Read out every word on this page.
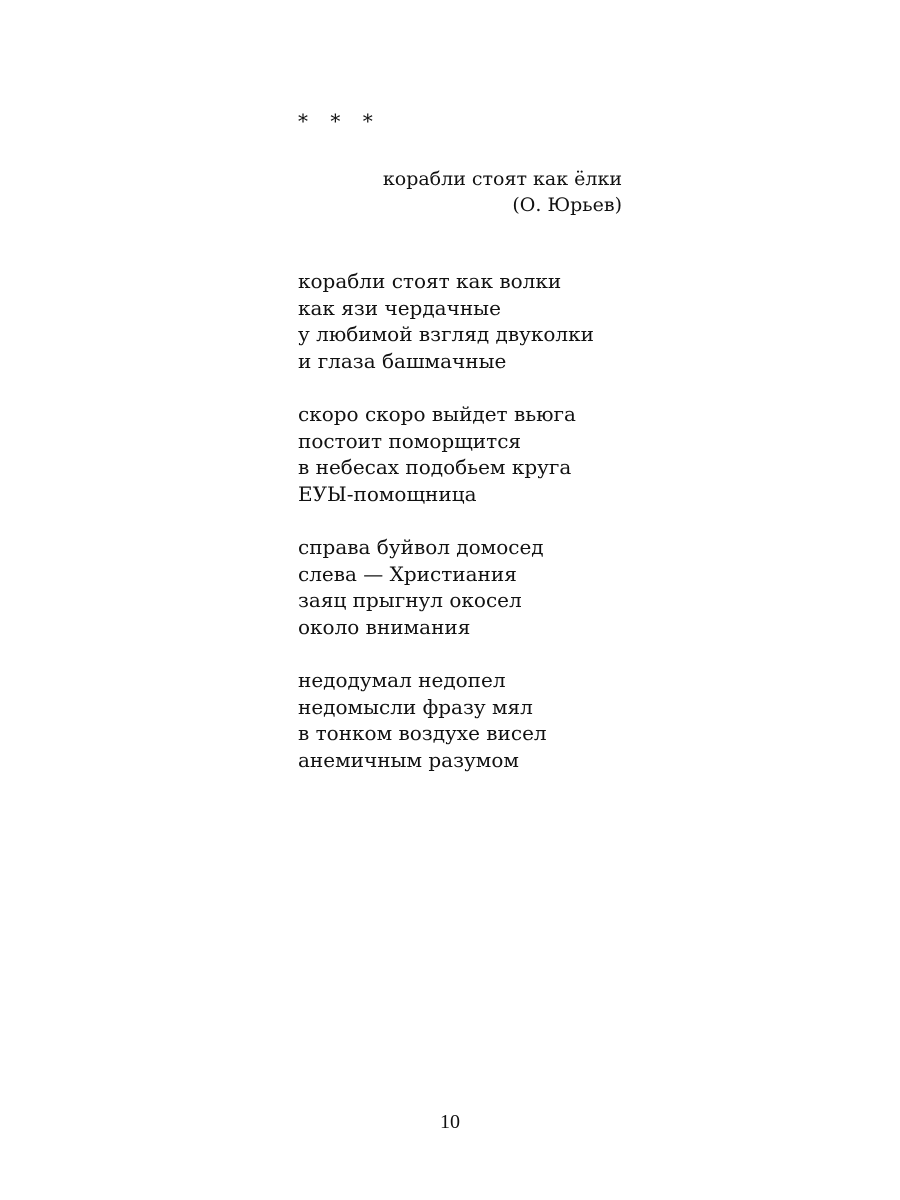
* * *
корабли стоят как ёлки
(О. Юрьев)
корабли стоят как волки
как язи чердачные
у любимой взгляд двуколки
и глаза башмачные
скоро скоро выйдет вьюга
постоит поморщится
в небесах подобьем круга
ЕУЫ-помощница
справа буйвол домосед
слева — Христиания
заяц прыгнул окосел
около внимания
недодумал недопел
недомысли фразу мял
в тонком воздухе висел
анемичным разумом
10
